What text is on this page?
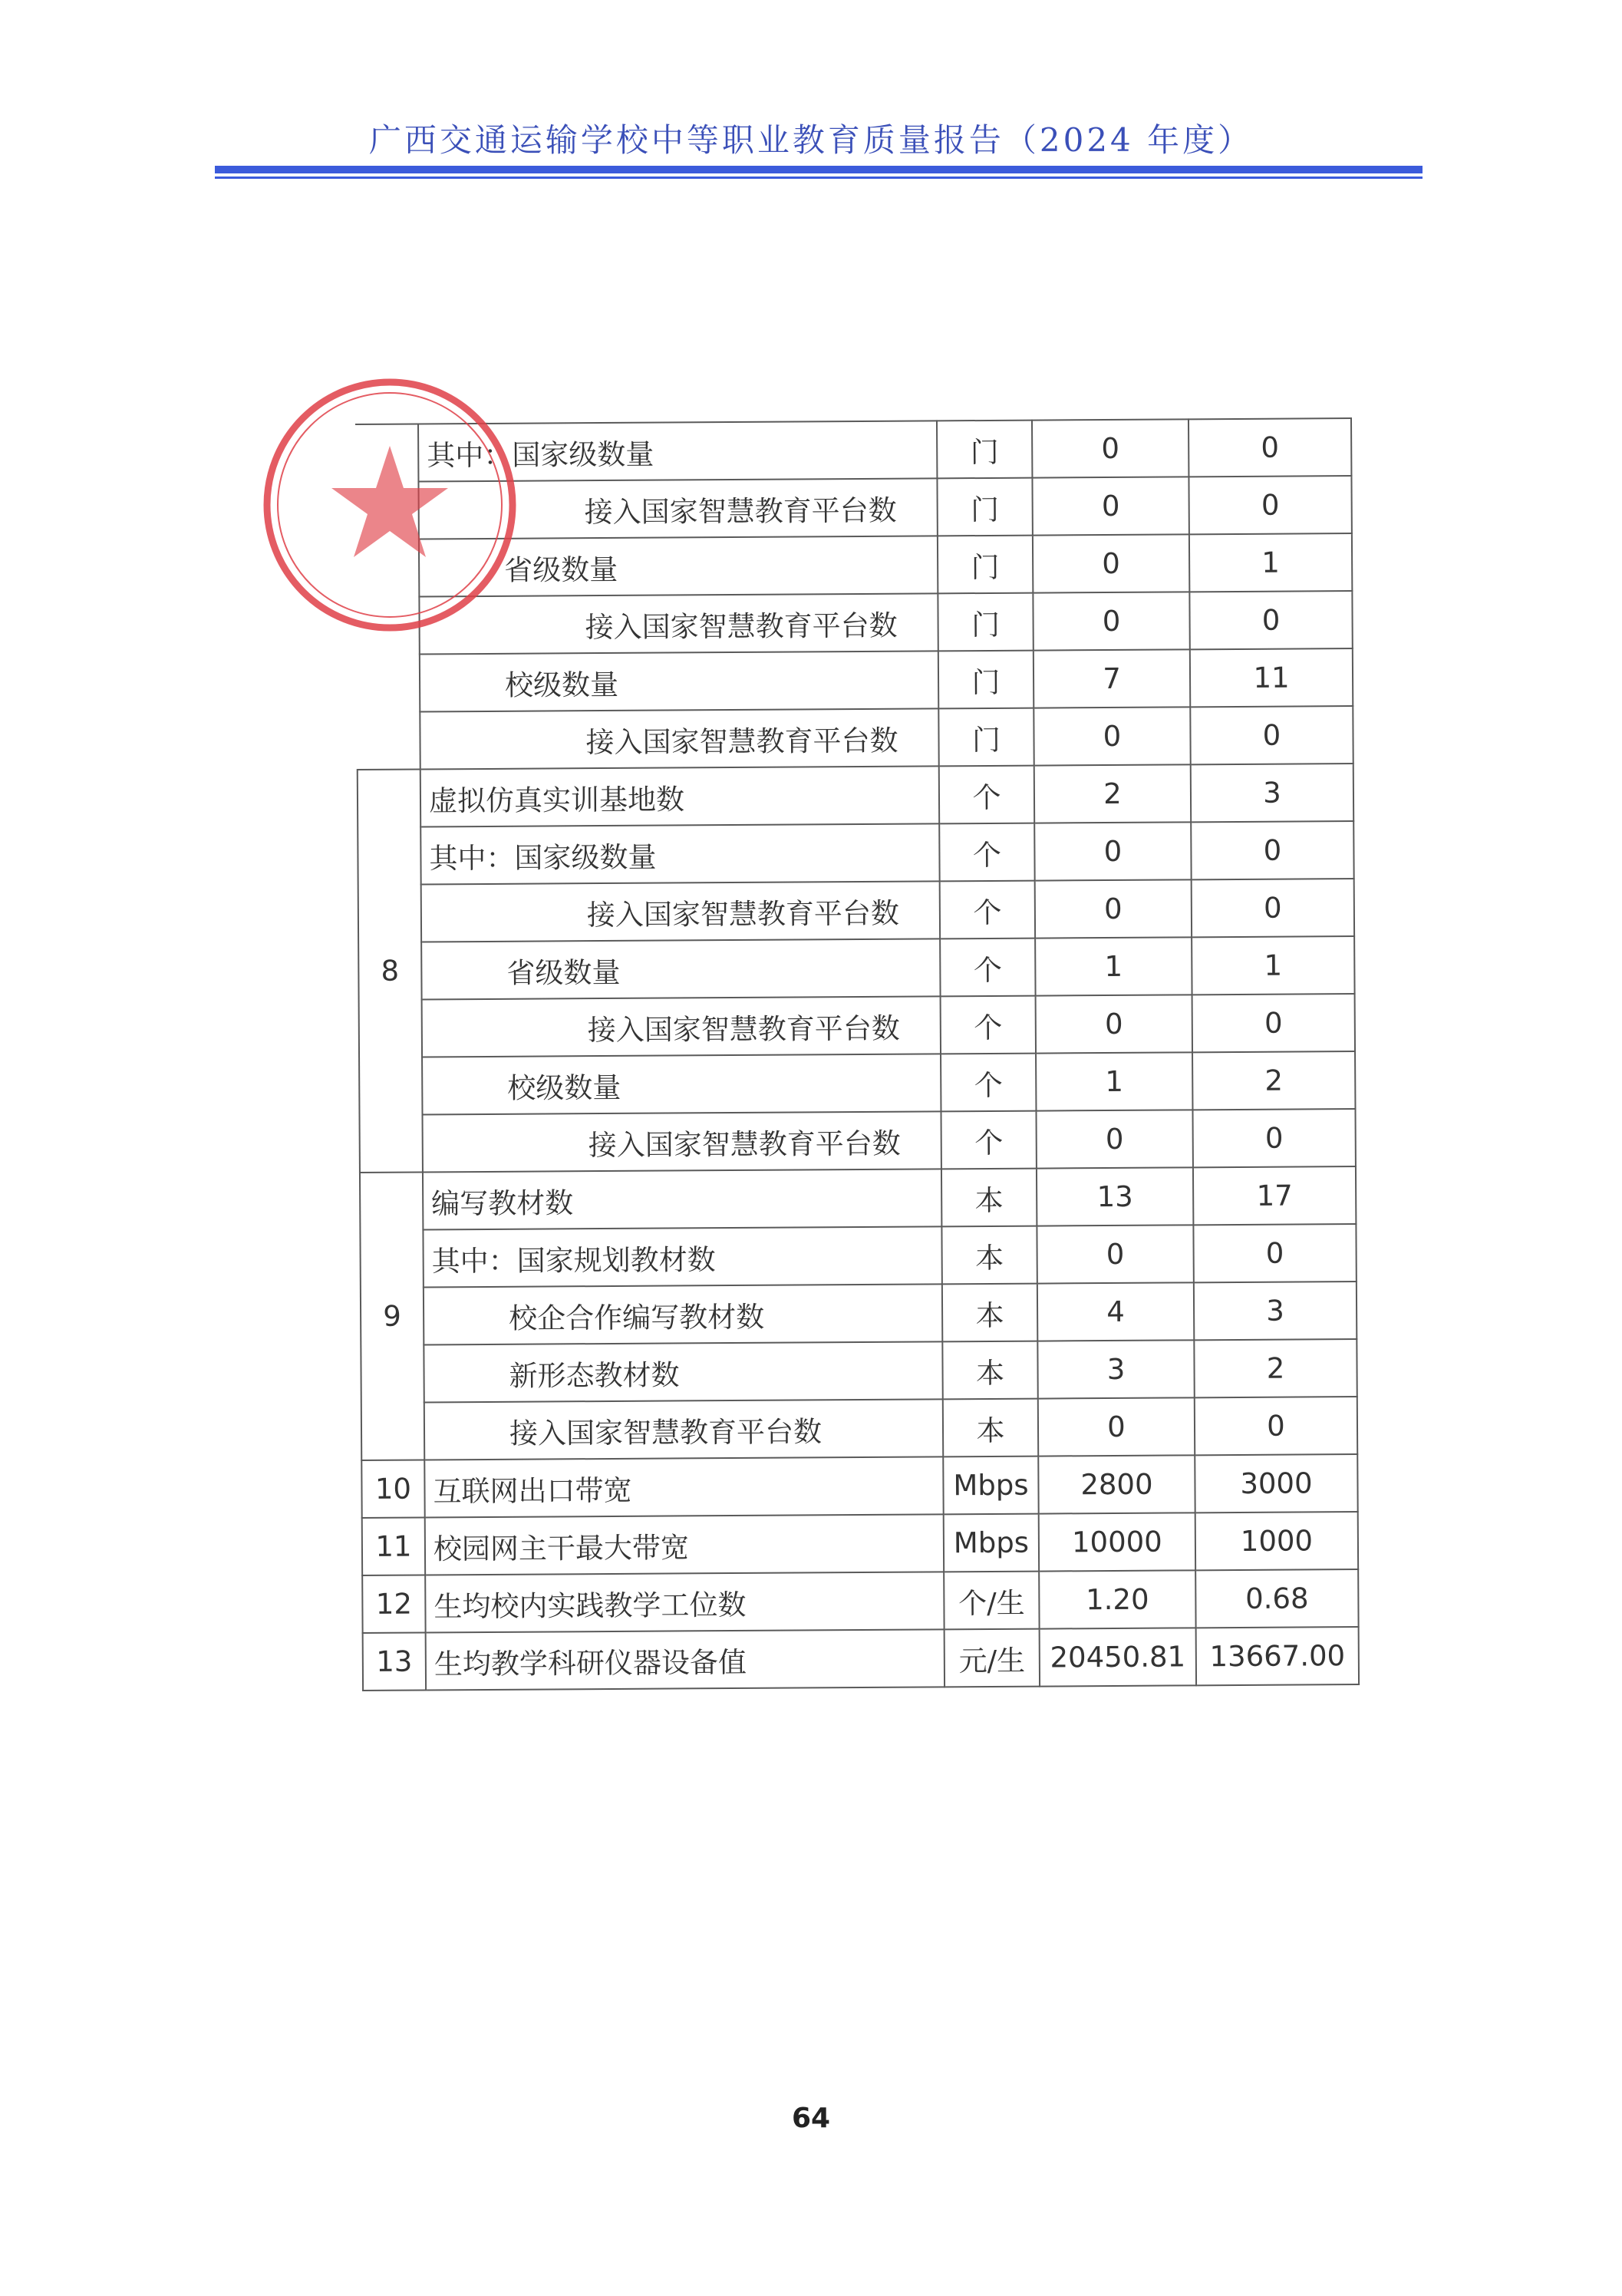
广西交通运输学校中等职业教育质量报告（2024 年度）
	其中：国家级数量	门	0	0
	接入国家智慧教育平台数	门	0	0
	省级数量	门	0	1
	接入国家智慧教育平台数	门	0	0
	校级数量	门	7	11
	接入国家智慧教育平台数	门	0	0
8	虚拟仿真实训基地数	个	2	3
	其中：国家级数量	个	0	0
	接入国家智慧教育平台数	个	0	0
	省级数量	个	1	1
	接入国家智慧教育平台数	个	0	0
	校级数量	个	1	2
	接入国家智慧教育平台数	个	0	0
9	编写教材数	本	13	17
	其中：国家规划教材数	本	0	0
	校企合作编写教材数	本	4	3
	新形态教材数	本	3	2
	接入国家智慧教育平台数	本	0	0
10	互联网出口带宽	Mbps	2800	3000
11	校园网主干最大带宽	Mbps	10000	1000
12	生均校内实践教学工位数	个/生	1.20	0.68
13	生均教学科研仪器设备值	元/生	20450.81	13667.00
64
